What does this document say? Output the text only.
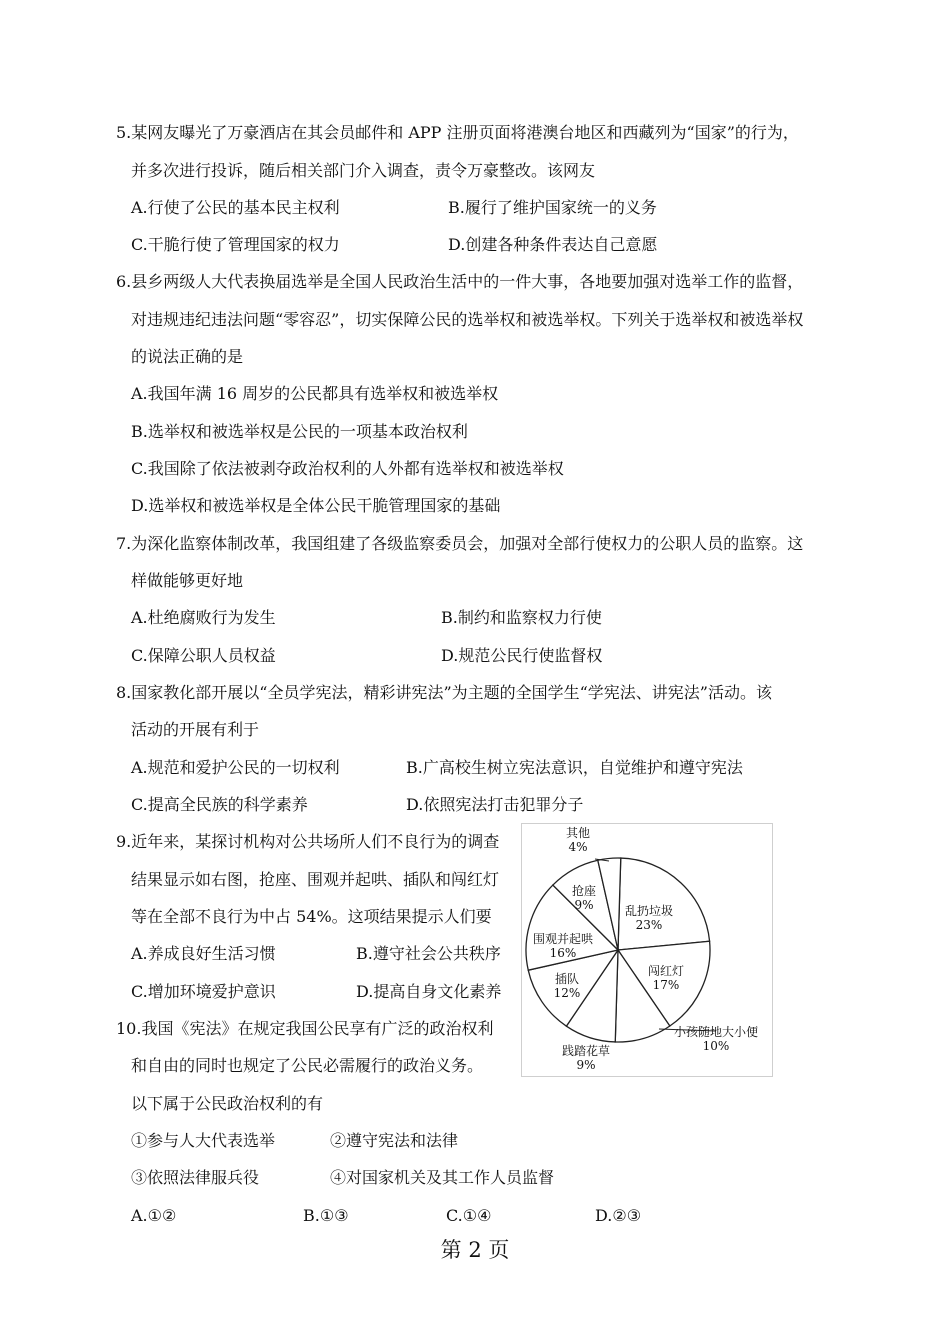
5.某网友曝光了万豪酒店在其会员邮件和 APP 注册页面将港澳台地区和西藏列为“国家”的行为，
并多次进行投诉，随后相关部门介入调查，责令万豪整改。该网友
A.行使了公民的基本民主权利	B.履行了维护国家统一的义务
C.干脆行使了管理国家的权力	D.创建各种条件表达自己意愿
6.县乡两级人大代表换届选举是全国人民政治生活中的一件大事，各地要加强对选举工作的监督，
对违规违纪违法问题“零容忍”，切实保障公民的选举权和被选举权。下列关于选举权和被选举权
的说法正确的是
A.我国年满 16 周岁的公民都具有选举权和被选举权
B.选举权和被选举权是公民的一项基本政治权利
C.我国除了依法被剥夺政治权利的人外都有选举权和被选举权
D.选举权和被选举权是全体公民干脆管理国家的基础
7.为深化监察体制改革，我国组建了各级监察委员会，加强对全部行使权力的公职人员的监察。这
样做能够更好地
A.杜绝腐败行为发生	B.制约和监察权力行使
C.保障公职人员权益	D.规范公民行使监督权
8.国家教化部开展以“全员学宪法，精彩讲宪法”为主题的全国学生“学宪法、讲宪法”活动。该
活动的开展有利于
A.规范和爱护公民的一切权利	B.广高校生树立宪法意识，自觉维护和遵守宪法
C.提高全民族的科学素养	D.依照宪法打击犯罪分子
9.近年来，某探讨机构对公共场所人们不良行为的调查
结果显示如右图，抢座、围观并起哄、插队和闯红灯
等在全部不良行为中占 54%。这项结果提示人们要
A.养成良好生活习惯	B.遵守社会公共秩序
C.增加环境爱护意识	D.提高自身文化素养
10.我国《宪法》在规定我国公民享有广泛的政治权利
和自由的同时也规定了公民必需履行的政治义务。
以下属于公民政治权利的有
①参与人大代表选举	②遵守宪法和法律
③依照法律服兵役	④对国家机关及其工作人员监督
A.①②	B.①③	C.①④	D.②③
乱扔垃圾
23%
闯红灯
17%
小孩随地大小便
10%
践踏花草
9%
插队
12%
围观并起哄
16%
抢座
9%
其他
4%
第 2 页
